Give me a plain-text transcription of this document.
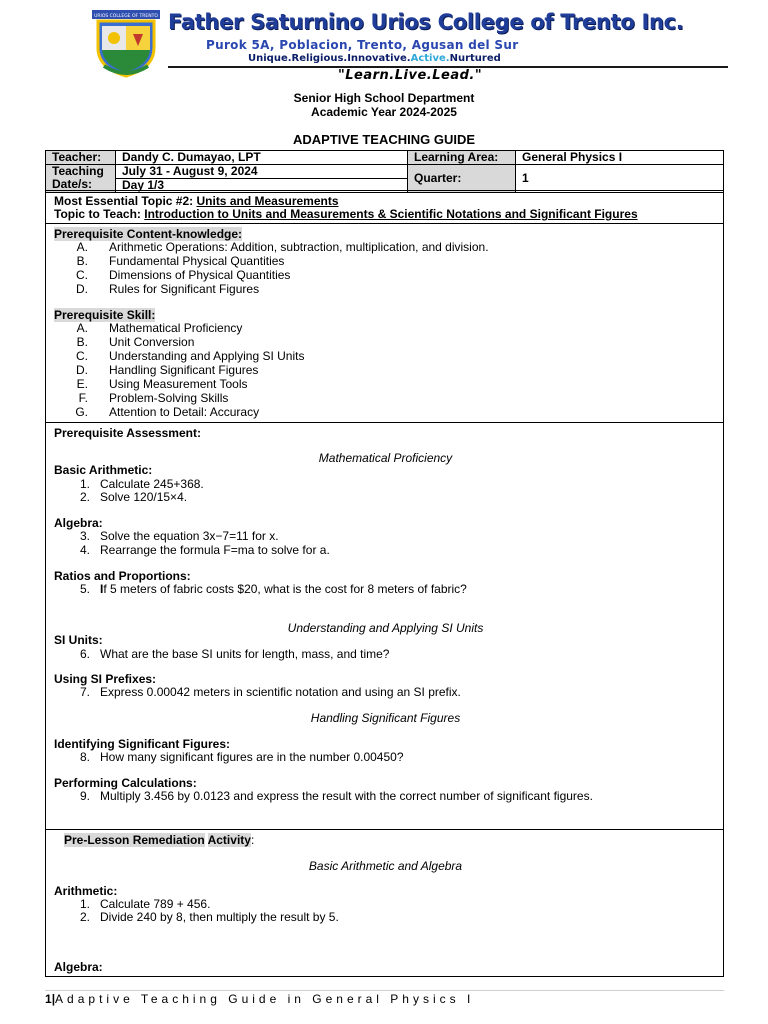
URIOS COLLEGE OF TRENTO Father Saturnino Urios College of Trento Inc.
Purok 5A, Poblacion, Trento, Agusan del Sur
Unique.Religious.Innovative.Active.Nurtured
"Learn.Live.Lead."
Senior High School Department
Academic Year 2024-2025
ADAPTIVE TEACHING GUIDE
Teacher:	Dandy C. Dumayao, LPT	Learning Area:	General Physics I
Teaching
Date/s:	July 31 - August 9, 2024	Quarter:	1
	Day 1/3		
Most Essential Topic #2: Units and Measurements
Topic to Teach: Introduction to Units and Measurements & Scientific Notations and Significant Figures
Prerequisite Content-knowledge:
A. Arithmetic Operations: Addition, subtraction, multiplication, and division.
B. Fundamental Physical Quantities
C. Dimensions of Physical Quantities
D. Rules for Significant Figures
Prerequisite Skill:
A. Mathematical Proficiency
B. Unit Conversion
C. Understanding and Applying SI Units
D. Handling Significant Figures
E. Using Measurement Tools
F. Problem-Solving Skills
G. Attention to Detail: Accuracy
Prerequisite Assessment:
Mathematical Proficiency
Basic Arithmetic:
1. Calculate 245+368.
2. Solve 120/15×4.
Algebra:
3. Solve the equation 3x−7=11 for x.
4. Rearrange the formula F=ma to solve for a.
Ratios and Proportions:
5. If 5 meters of fabric costs $20, what is the cost for 8 meters of fabric?
Understanding and Applying SI Units
SI Units:
6. What are the base SI units for length, mass, and time?
Using SI Prefixes:
7. Express 0.00042 meters in scientific notation and using an SI prefix.
Handling Significant Figures
Identifying Significant Figures:
8. How many significant figures are in the number 0.00450?
Performing Calculations:
9. Multiply 3.456 by 0.0123 and express the result with the correct number of significant figures.
Pre-Lesson Remediation Activity:
Basic Arithmetic and Algebra
Arithmetic:
1. Calculate 789 + 456.
2. Divide 240 by 8, then multiply the result by 5.
Algebra:
1|Adaptive Teaching Guide in General Physics I
